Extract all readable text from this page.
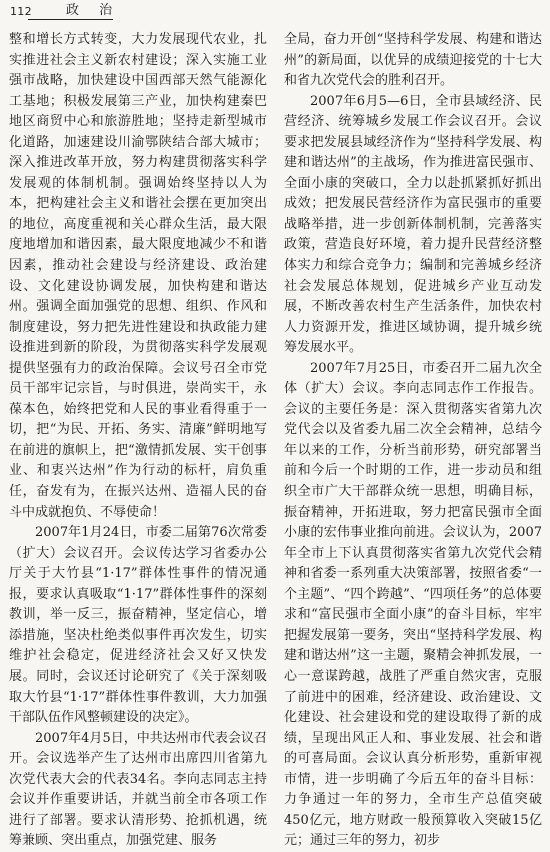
112	政 治

整和增长方式转变，大力发展现代农业，扎实推进社会主义新农村建设；深入实施工业强市战略，加快建设中国西部天然气能源化工基地；积极发展第三产业，加快构建秦巴地区商贸中心和旅游胜地；坚持走新型城市化道路，加速建设川渝鄂陕结合部大城市；深入推进改革开放，努力构建贯彻落实科学发展观的体制机制。强调始终坚持以人为本，把构建社会主义和谐社会摆在更加突出的地位，高度重视和关心群众生活，最大限度地增加和谐因素，最大限度地减少不和谐因素，推动社会建设与经济建设、政治建设、文化建设协调发展，加快构建和谐达州。强调全面加强党的思想、组织、作风和制度建设，努力把先进性建设和执政能力建设推进到新的阶段，为贯彻落实科学发展观提供坚强有力的政治保障。会议号召全市党员干部牢记宗旨，与时俱进，崇尚实干，永葆本色，始终把党和人民的事业看得重于一切，把“为民、开拓、务实、清廉”鲜明地写在前进的旗帜上，把“激情抓发展、实干创事业、和衷兴达州”作为行动的标杆，肩负重任，奋发有为，在振兴达州、造福人民的奋斗中成就抱负、不辱使命！

2007年1月24日，市委二届第76次常委（扩大）会议召开。会议传达学习省委办公厅关于大竹县“1·17”群体性事件的情况通报，要求认真吸取“1·17”群体性事件的深刻教训，举一反三，振奋精神，坚定信心，增添措施，坚决杜绝类似事件再次发生，切实维护社会稳定，促进经济社会又好又快发展。同时，会议还讨论研究了《关于深刻吸取大竹县“1·17”群体性事件教训，大力加强干部队伍作风整顿建设的决定》。

2007年4月5日，中共达州市代表会议召开。会议选举产生了达州市出席四川省第九次党代表大会的代表34名。李向志同志主持会议并作重要讲话，并就当前全市各项工作进行了部署。要求认清形势、抢抓机遇，统筹兼顾、突出重点，加强党建、服务

全局，奋力开创“坚持科学发展、构建和谐达州”的新局面，以优异的成绩迎接党的十七大和省九次党代会的胜利召开。

2007年6月5—6日，全市县域经济、民营经济、统筹城乡发展工作会议召开。会议要求把发展县域经济作为“坚持科学发展、构建和谐达州”的主战场，作为推进富民强市、全面小康的突破口，全力以赴抓紧抓好抓出成效；把发展民营经济作为富民强市的重要战略举措，进一步创新体制机制，完善落实政策，营造良好环境，着力提升民营经济整体实力和综合竞争力；编制和完善城乡经济社会发展总体规划，促进城乡产业互动发展，不断改善农村生产生活条件，加快农村人力资源开发，推进区域协调，提升城乡统筹发展水平。

2007年7月25日，市委召开二届九次全体（扩大）会议。李向志同志作工作报告。会议的主要任务是：深入贯彻落实省第九次党代会以及省委九届二次全会精神，总结今年以来的工作，分析当前形势，研究部署当前和今后一个时期的工作，进一步动员和组织全市广大干部群众统一思想，明确目标，振奋精神，开拓进取，努力把富民强市全面小康的宏伟事业推向前进。会议认为，2007年全市上下认真贯彻落实省第九次党代会精神和省委一系列重大决策部署，按照省委“一个主题”、“四个跨越”、“四项任务”的总体要求和“富民强市全面小康”的奋斗目标，牢牢把握发展第一要务，突出“坚持科学发展、构建和谐达州”这一主题，聚精会神抓发展，一心一意谋跨越，战胜了严重自然灾害，克服了前进中的困难，经济建设、政治建设、文化建设、社会建设和党的建设取得了新的成绩，呈现出风正人和、事业发展、社会和谐的可喜局面。会议认真分析形势，重新审视市情，进一步明确了今后五年的奋斗目标：力争通过一年的努力，全市生产总值突破450亿元，地方财政一般预算收入突破15亿元；通过三年的努力，初步
